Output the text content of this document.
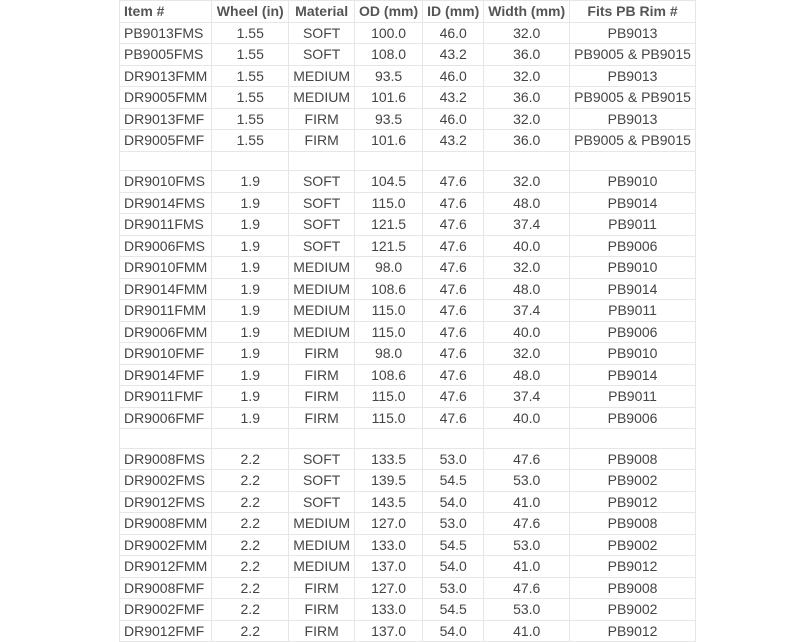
Item #	Wheel (in)	Material	OD (mm)	ID (mm)	Width (mm)	Fits PB Rim #
PB9013FMS	1.55	SOFT	100.0	46.0	32.0	PB9013
PB9005FMS	1.55	SOFT	108.0	43.2	36.0	PB9005 & PB9015
DR9013FMM	1.55	MEDIUM	93.5	46.0	32.0	PB9013
DR9005FMM	1.55	MEDIUM	101.6	43.2	36.0	PB9005 & PB9015
DR9013FMF	1.55	FIRM	93.5	46.0	32.0	PB9013
DR9005FMF	1.55	FIRM	101.6	43.2	36.0	PB9005 & PB9015

DR9010FMS	1.9	SOFT	104.5	47.6	32.0	PB9010
DR9014FMS	1.9	SOFT	115.0	47.6	48.0	PB9014
DR9011FMS	1.9	SOFT	121.5	47.6	37.4	PB9011
DR9006FMS	1.9	SOFT	121.5	47.6	40.0	PB9006
DR9010FMM	1.9	MEDIUM	98.0	47.6	32.0	PB9010
DR9014FMM	1.9	MEDIUM	108.6	47.6	48.0	PB9014
DR9011FMM	1.9	MEDIUM	115.0	47.6	37.4	PB9011
DR9006FMM	1.9	MEDIUM	115.0	47.6	40.0	PB9006
DR9010FMF	1.9	FIRM	98.0	47.6	32.0	PB9010
DR9014FMF	1.9	FIRM	108.6	47.6	48.0	PB9014
DR9011FMF	1.9	FIRM	115.0	47.6	37.4	PB9011
DR9006FMF	1.9	FIRM	115.0	47.6	40.0	PB9006

DR9008FMS	2.2	SOFT	133.5	53.0	47.6	PB9008
DR9002FMS	2.2	SOFT	139.5	54.5	53.0	PB9002
DR9012FMS	2.2	SOFT	143.5	54.0	41.0	PB9012
DR9008FMM	2.2	MEDIUM	127.0	53.0	47.6	PB9008
DR9002FMM	2.2	MEDIUM	133.0	54.5	53.0	PB9002
DR9012FMM	2.2	MEDIUM	137.0	54.0	41.0	PB9012
DR9008FMF	2.2	FIRM	127.0	53.0	47.6	PB9008
DR9002FMF	2.2	FIRM	133.0	54.5	53.0	PB9002
DR9012FMF	2.2	FIRM	137.0	54.0	41.0	PB9012
